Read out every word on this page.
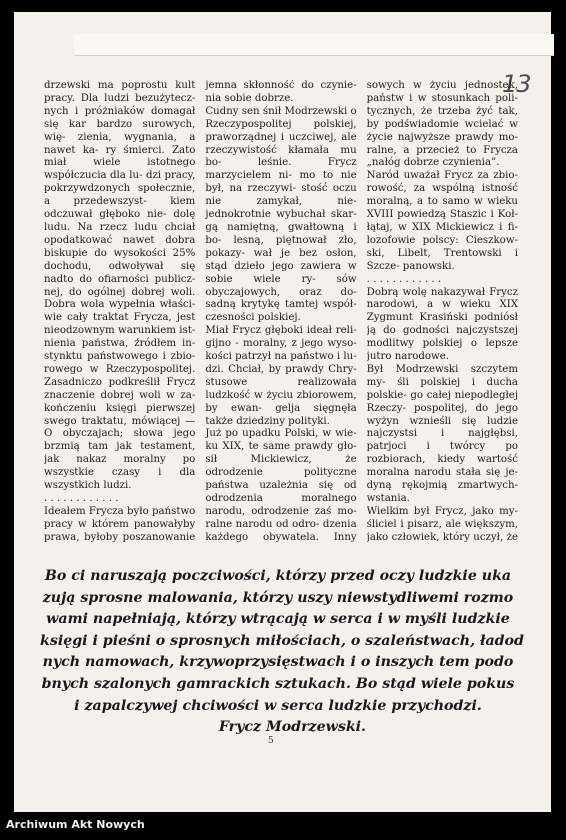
13

drzewski ma poprostu kult pracy. Dla ludzi bezużytecz- nych i próżniaków domagał się kar bardzo surowych, wię- zienia, wygnania, a nawet ka- ry śmierci. Zato miał wiele istotnego współczucia dla lu- dzi pracy, pokrzywdzonych społecznie, a przedewszyst- kiem odczuwał głęboko nie- dolę ludu. Na rzecz ludu chciał opodatkować nawet dobra biskupie do wysokości 25% dochodu, odwoływał się nadto do ofiarności publicz- nej, do ogólnej dobrej woli. Dobra wola wypełnia właści- wie cały traktat Frycza, jest nieodzownym warunkiem ist- nienia państwa, źródłem in- stynktu państwowego i zbio- rowego w Rzeczypospolitej. Zasadniczo podkreślił Frycz znaczenie dobrej woli w za- kończeniu księgi pierwszej swego traktatu, mówiącej — O obyczajach; słowa jego brzmią tam jak testament, jak nakaz moralny po wszystkie czasy i dla wszystkich ludzi.

. . . . . . . . . . . .

Ideałem Frycza było państwo pracy w którem panowałyby prawa, byłoby poszanowanie

jemna skłonność do czynie- nia sobie dobrze.

Cudny sen śnił Modrzewski o Rzeczypospolitej polskiej, praworządnej i uczciwej, ale rzeczywistość kłamała mu bo- leśnie. Frycz marzycielem ni- mo to nie był, na rzeczywi- stość oczu nie zamykał, nie- jednokrotnie wybuchał skar- gą namiętną, gwałtowną i bo- lesną, piętnował zło, pokazy- wał je bez osłon, stąd dzieło jego zawiera w sobie wiele ry- sów obyczajowych, oraz do- sadną krytykę tamtej współ- czesności polskiej.

Miał Frycz głęboki ideał reli- gijno - moralny, z jego wyso- kości patrzył na państwo i lu- dzi. Chciał, by prawdy Chry- stusowe realizowała ludzkość w życiu zbiorowem, by ewan- gelja sięgnęła także dziedziny polityki.

Już po upadku Polski, w wie- ku XIX, te same prawdy gło- sił Mickiewicz, że odrodzenie polityczne państwa uzależnia się od odrodzenia moralnego narodu, odrodzenie zaś mo- ralne narodu od odro- dzenia każdego obywatela. Inny

sowych w życiu jednostek, państw i w stosunkach poli- tycznych, że trzeba żyć tak, by podświadomie wcielać w życie najwyższe prawdy mo- ralne, a przecież to Frycza „nałóg dobrze czynienia”.

Naród uważał Frycz za zbio- rowość, za wspólną istność moralną, a to samo w wieku XVIII powiedzą Staszic i Koł- łątaj, w XIX Mickiewicz i fi- lozofowie polscy: Cieszkow- ski, Libelt, Trentowski i Szcze- panowski.

. . . . . . . . . . . .

Dobrą wolę nakazywał Frycz narodowi, a w wieku XIX Zygmunt Krasiński podniósł ją do godności najczystszej modlitwy polskiej o lepsze jutro narodowe.

Był Modrzewski szczytem my- śli polskiej i ducha polskie- go całej niepodległej Rzeczy- pospolitej, do jego wyżyn wznieśli się ludzie najczystsi i najgłębsi, patrjoci i twórcy po rozbiorach, kiedy wartość moralna narodu stała się je- dyną rękojmią zmartwych- wstania.

Wielkim był Frycz, jako my- śliciel i pisarz, ale większym, jako człowiek, który uczył, że

Bo ci naruszają poczciwości, którzy przed oczy ludzkie uka
zują sprosne malowania, którzy uszy niewstydliwemi rozmo
wami napełniają, którzy wtrącają w serca i w myśli ludzkie
księgi i pieśni o sprosnych miłościach, o szaleństwach, ładod
nych namowach, krzywoprzysięstwach i o inszych tem podo
bnych szalonych gamrackich sztukach. Bo stąd wiele pokus
i zapalczywej chciwości w serca ludzkie przychodzi.
Frycz Modrzewski.
5
Archiwum Akt Nowych
